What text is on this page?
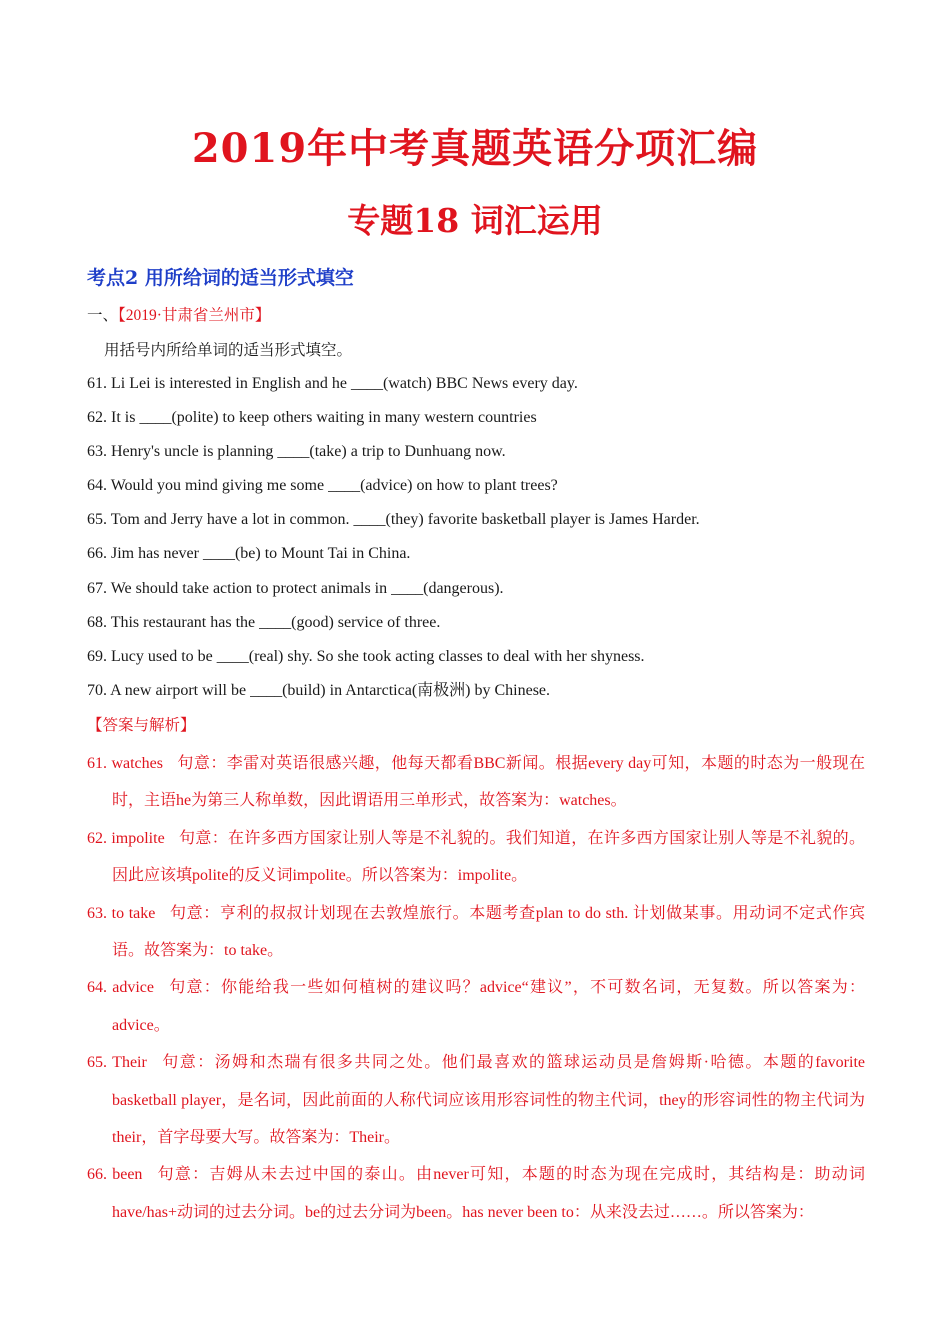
2019年中考真题英语分项汇编
专题18 词汇运用
考点2 用所给词的适当形式填空
一、【2019·甘肃省兰州市】
用括号内所给单词的适当形式填空。
61. Li Lei is interested in English and he ____(watch) BBC News every day.
62. It is ____(polite) to keep others waiting in many western countries
63. Henry's uncle is planning ____(take) a trip to Dunhuang now.
64. Would you mind giving me some ____(advice) on how to plant trees?
65. Tom and Jerry have a lot in common. ____(they) favorite basketball player is James Harder.
66. Jim has never ____(be) to Mount Tai in China.
67. We should take action to protect animals in ____(dangerous).
68. This restaurant has the ____(good) service of three.
69. Lucy used to be ____(real) shy. So she took acting classes to deal with her shyness.
70. A new airport will be ____(build) in Antarctica(南极洲) by Chinese.
【答案与解析】

61. watches 句意：李雷对英语很感兴趣，他每天都看BBC新闻。根据every day可知，本题的时态为一般现在时，主语he为第三人称单数，因此谓语用三单形式，故答案为：watches。

62. impolite 句意：在许多西方国家让别人等是不礼貌的。我们知道，在许多西方国家让别人等是不礼貌的。因此应该填polite的反义词impolite。所以答案为：impolite。

63. to take 句意：亨利的叔叔计划现在去敦煌旅行。本题考查plan to do sth. 计划做某事。用动词不定式作宾语。故答案为：to take。

64. advice 句意：你能给我一些如何植树的建议吗？advice“建议”，不可数名词，无复数。所以答案为：advice。

65. Their 句意：汤姆和杰瑞有很多共同之处。他们最喜欢的篮球运动员是詹姆斯·哈德。本题的favorite basketball player，是名词，因此前面的人称代词应该用形容词性的物主代词，they的形容词性的物主代词为their，首字母要大写。故答案为：Their。

66. been 句意：吉姆从未去过中国的泰山。由never可知，本题的时态为现在完成时，其结构是：助动词have/has+动词的过去分词。be的过去分词为been。has never been to：从来没去过……。所以答案为：
